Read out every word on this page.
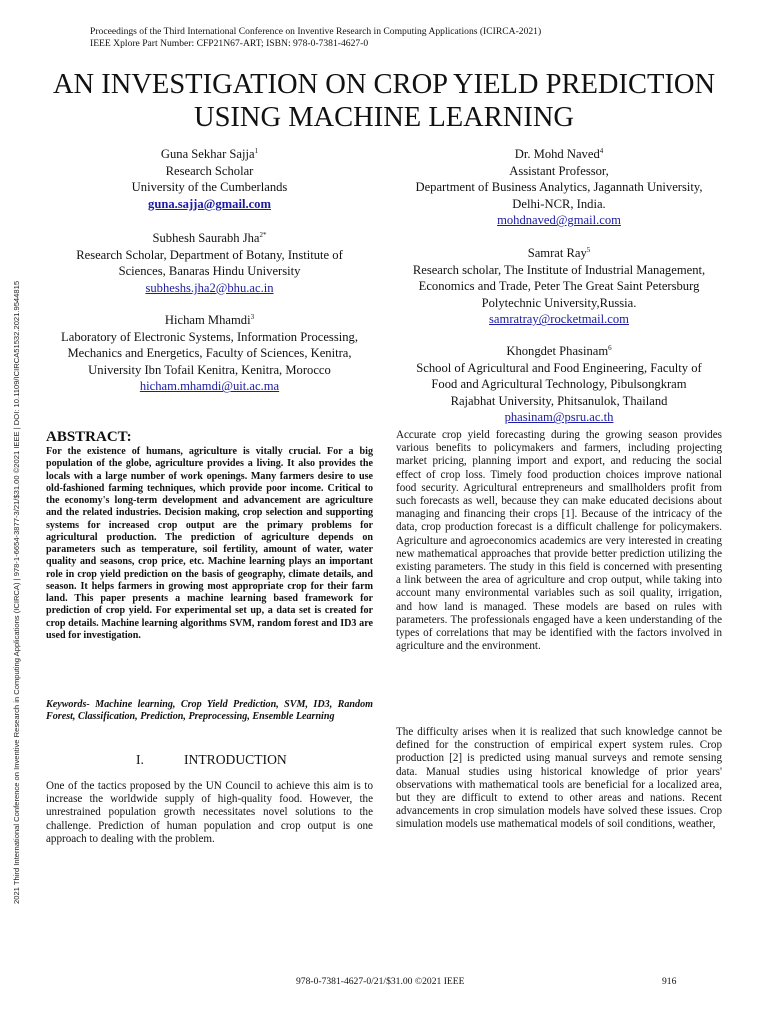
Proceedings of the Third International Conference on Inventive Research in Computing Applications (ICIRCA-2021)
IEEE Xplore Part Number: CFP21N67-ART; ISBN: 978-0-7381-4627-0
AN INVESTIGATION ON CROP YIELD PREDICTION
USING MACHINE LEARNING
2021 Third International Conference on Inventive Research in Computing Applications (ICIRCA) | 978-1-6654-3877-3/21/$31.00 ©2021 IEEE | DOI: 10.1109/ICIRCA51532.2021.9544815
Guna Sekhar Sajja$^1$
Research Scholar
University of the Cumberlands
guna.sajja@gmail.com
Subhesh Saurabh Jha$^{2*}$
Research Scholar, Department of Botany, Institute of
Sciences, Banaras Hindu University
subheshs.jha2@bhu.ac.in
Hicham Mhamdi$^3$
Laboratory of Electronic Systems, Information Processing,
Mechanics and Energetics, Faculty of Sciences, Kenitra,
University Ibn Tofail Kenitra, Kenitra, Morocco
hicham.mhamdi@uit.ac.ma
Dr. Mohd Naved$^4$
Assistant Professor,
Department of Business Analytics, Jagannath University,
Delhi-NCR, India.
mohdnaved@gmail.com
Samrat Ray$^5$
Research scholar, The Institute of Industrial Management,
Economics and Trade, Peter The Great Saint Petersburg
Polytechnic University,Russia.
samratray@rocketmail.com
Khongdet Phasinam$^6$
School of Agricultural and Food Engineering, Faculty of
Food and Agricultural Technology, Pibulsongkram
Rajabhat University, Phitsanulok, Thailand
phasinam@psru.ac.th
ABSTRACT:
For the existence of humans, agriculture is vitally crucial. For a big population of the globe, agriculture provides a living. It also provides the locals with a large number of work openings. Many farmers desire to use old-fashioned farming techniques, which provide poor income. Critical to the economy's long-term development and advancement are agriculture and the related industries. Decision making, crop selection and supporting systems for increased crop output are the primary problems for agricultural production. The prediction of agriculture depends on parameters such as temperature, soil fertility, amount of water, water quality and seasons, crop price, etc. Machine learning plays an important role in crop yield prediction on the basis of geography, climate details, and season. It helps farmers in growing most appropriate crop for their farm land. This paper presents a machine learning based framework for prediction of crop yield. For experimental set up, a data set is created for crop details. Machine learning algorithms SVM, random forest and ID3 are used for investigation.
Keywords- Machine learning, Crop Yield Prediction, SVM, ID3, Random Forest, Classification, Prediction, Preprocessing, Ensemble Learning
I.	INTRODUCTION
One of the tactics proposed by the UN Council to achieve this aim is to increase the worldwide supply of high-quality food. However, the unrestrained population growth necessitates novel solutions to the challenge. Prediction of human population and crop output is one approach to dealing with the problem.
Accurate crop yield forecasting during the growing season provides various benefits to policymakers and farmers, including projecting market pricing, planning import and export, and reducing the social effect of crop loss. Timely food production choices improve national food security. Agricultural entrepreneurs and smallholders profit from such forecasts as well, because they can make educated decisions about managing and financing their crops [1]. Because of the intricacy of the data, crop production forecast is a difficult challenge for policymakers. Agriculture and agroeconomics academics are very interested in creating new mathematical approaches that provide better prediction utilizing the existing parameters. The study in this field is concerned with presenting a link between the area of agriculture and crop output, while taking into account many environmental variables such as soil quality, irrigation, and how land is managed. These models are based on rules with parameters. The professionals engaged have a keen understanding of the types of correlations that may be identified with the factors involved in agriculture and the environment.
The difficulty arises when it is realized that such knowledge cannot be defined for the construction of empirical expert system rules. Crop production [2] is predicted using manual surveys and remote sensing data. Manual studies using historical knowledge of prior years' observations with mathematical tools are beneficial for a localized area, but they are difficult to extend to other areas and nations. Recent advancements in crop simulation models have solved these issues. Crop simulation models use mathematical models of soil conditions, weather,
978-0-7381-4627-0/21/$31.00 ©2021 IEEE	916
